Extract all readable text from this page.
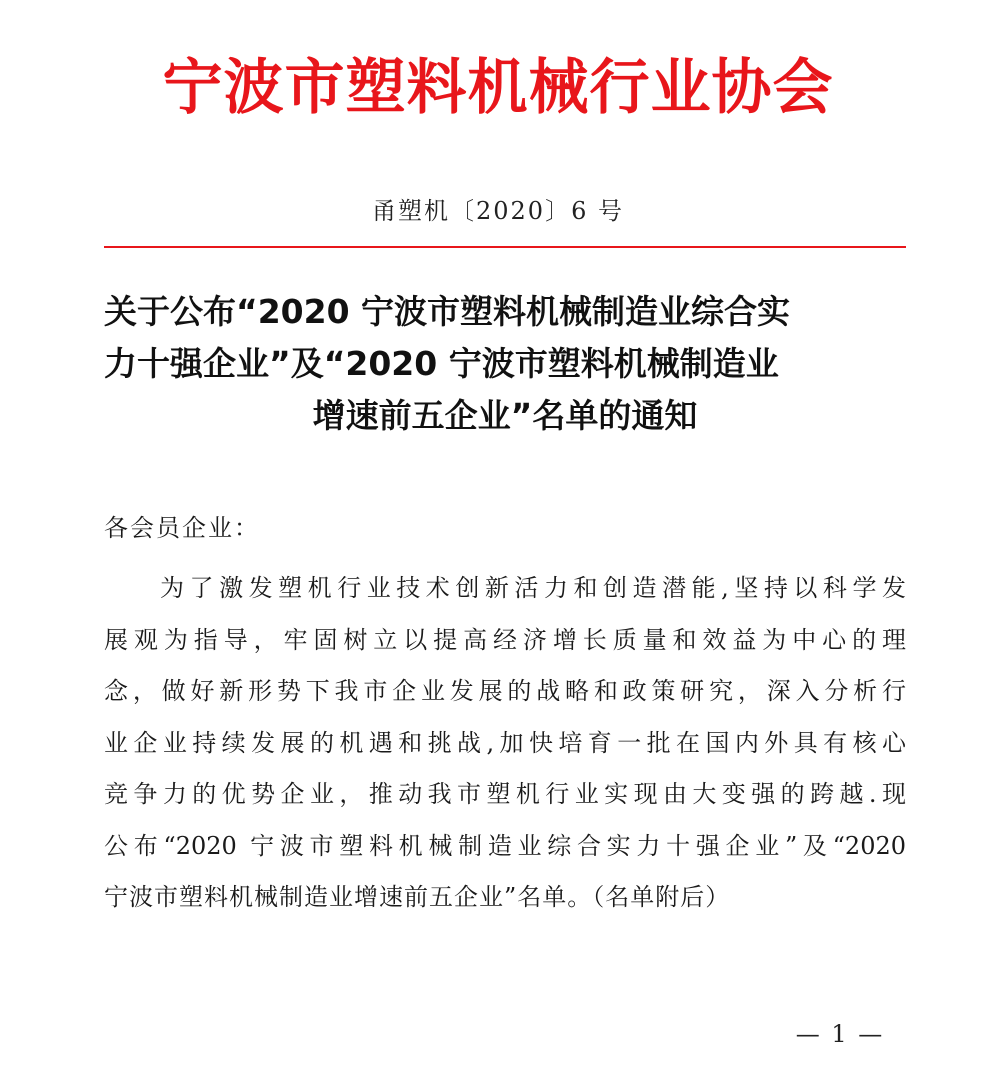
宁波市塑料机械行业协会
甬塑机〔2020〕6 号
关于公布“2020 宁波市塑料机械制造业综合实
力十强企业”及“2020 宁波市塑料机械制造业
增速前五企业”名单的通知
各会员企业：
为了激发塑机行业技术创新活力和创造潜能,坚持以科学发
展观为指导，牢固树立以提高经济增长质量和效益为中心的理
念，做好新形势下我市企业发展的战略和政策研究，深入分析行
业企业持续发展的机遇和挑战,加快培育一批在国内外具有核心
竞争力的优势企业，推动我市塑机行业实现由大变强的跨越.现
公布“2020 宁波市塑料机械制造业综合实力十强企业”及“2020
宁波市塑料机械制造业增速前五企业”名单。（名单附后）
— 1 —
